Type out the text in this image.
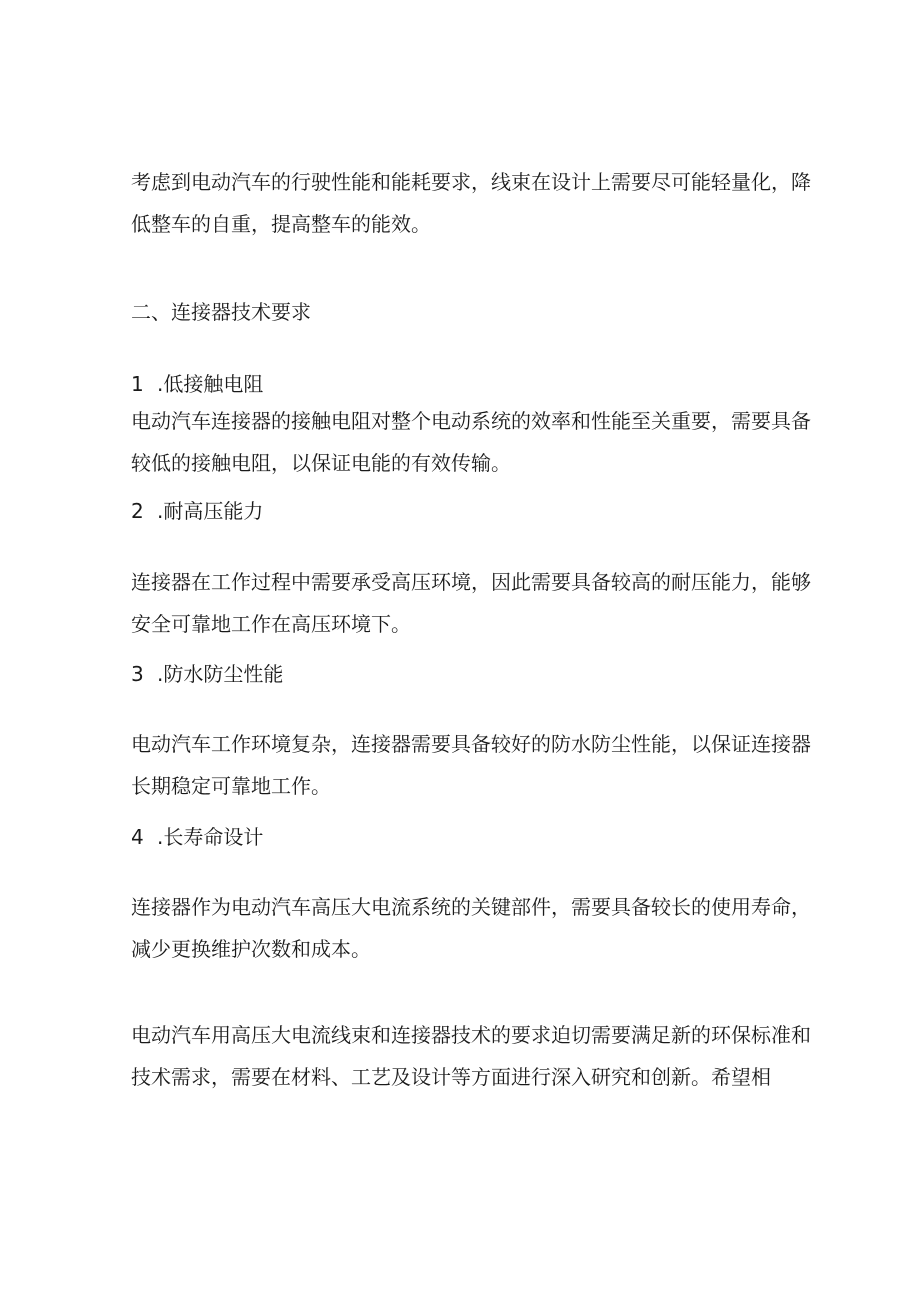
考虑到电动汽车的行驶性能和能耗要求，线束在设计上需要尽可能轻量化，降低整车的自重，提高整车的能效。

二、连接器技术要求
1 .低接触电阻

电动汽车连接器的接触电阻对整个电动系统的效率和性能至关重要，需要具备较低的接触电阻，以保证电能的有效传输。

2 .耐高压能力

连接器在工作过程中需要承受高压环境，因此需要具备较高的耐压能力，能够安全可靠地工作在高压环境下。

3 .防水防尘性能

电动汽车工作环境复杂，连接器需要具备较好的防水防尘性能，以保证连接器长期稳定可靠地工作。

4 .长寿命设计

连接器作为电动汽车高压大电流系统的关键部件，需要具备较长的使用寿命，减少更换维护次数和成本。

电动汽车用高压大电流线束和连接器技术的要求迫切需要满足新的环保标准和技术需求，需要在材料、工艺及设计等方面进行深入研究和创新。希望相
